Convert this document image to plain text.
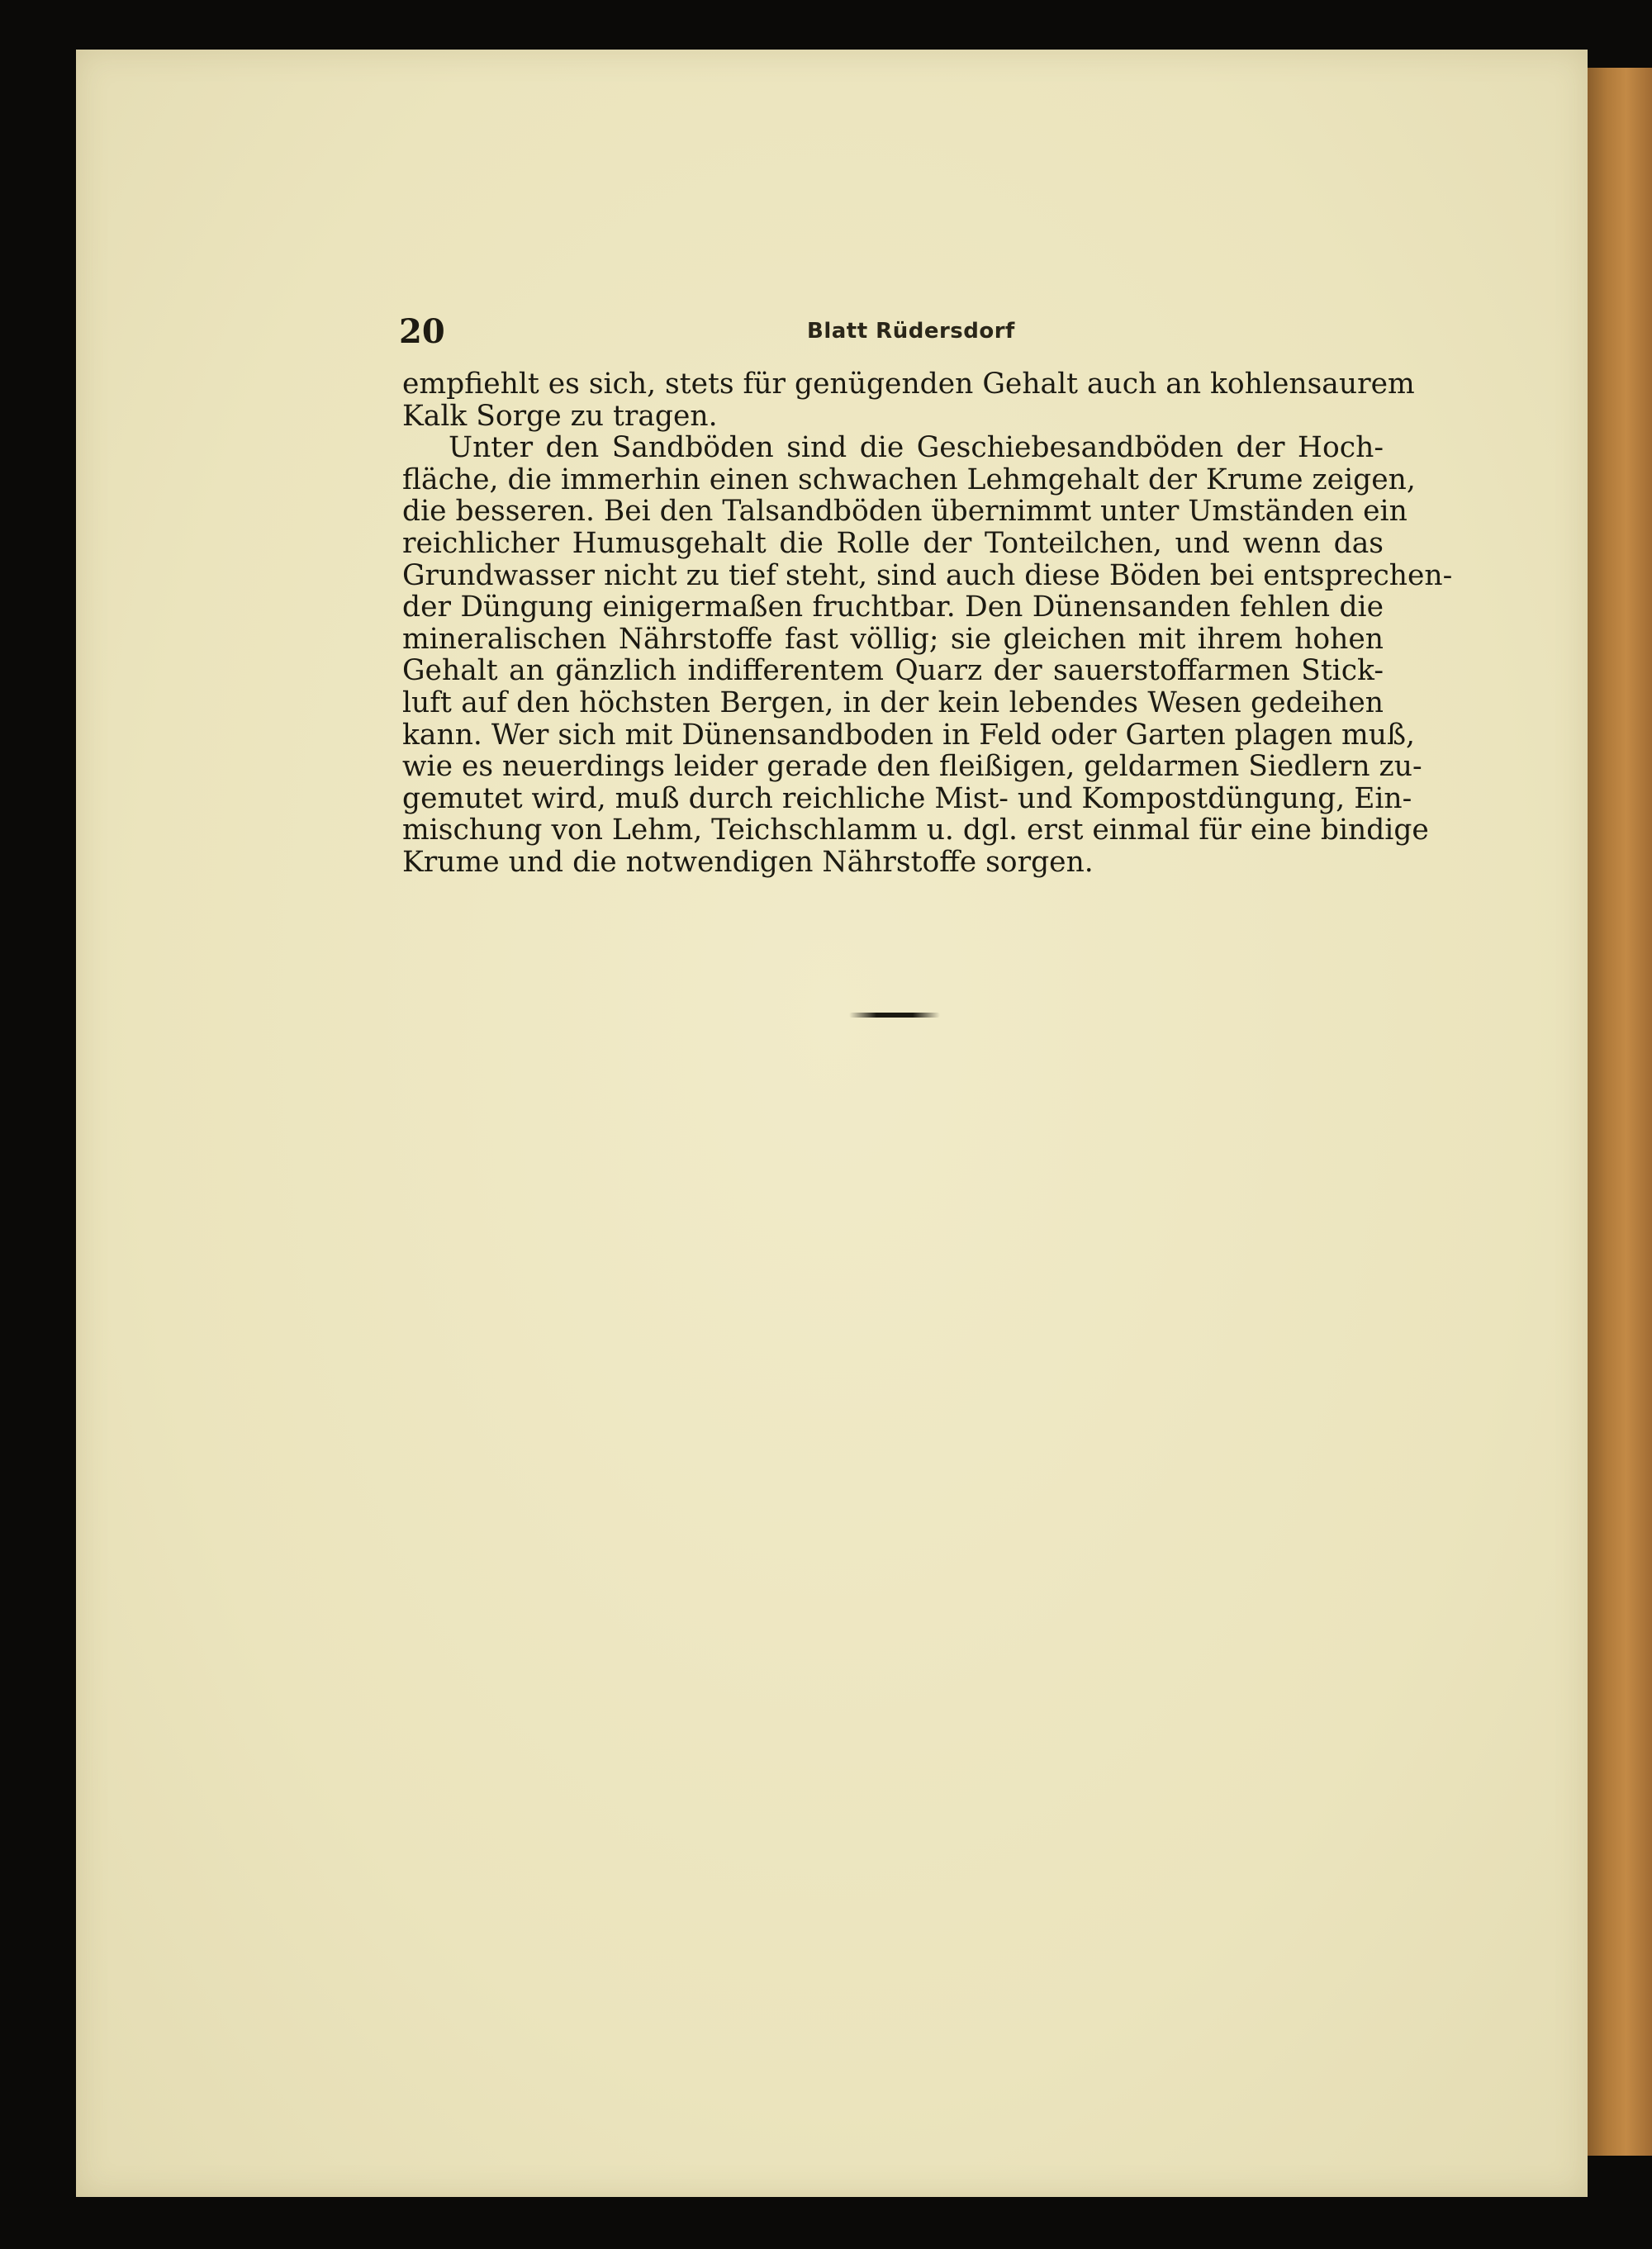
20	Blatt Rüdersdorf
empfiehlt es sich, stets für genügenden Gehalt auch an kohlensaurem
Kalk Sorge zu tragen.
Unter den Sandböden sind die Geschiebesandböden der Hoch-
fläche, die immerhin einen schwachen Lehmgehalt der Krume zeigen,
die besseren. Bei den Talsandböden übernimmt unter Umständen ein
reichlicher Humusgehalt die Rolle der Tonteilchen, und wenn das
Grundwasser nicht zu tief steht, sind auch diese Böden bei entsprechen-
der Düngung einigermaßen fruchtbar. Den Dünensanden fehlen die
mineralischen Nährstoffe fast völlig; sie gleichen mit ihrem hohen
Gehalt an gänzlich indifferentem Quarz der sauerstoffarmen Stick-
luft auf den höchsten Bergen, in der kein lebendes Wesen gedeihen
kann. Wer sich mit Dünensandboden in Feld oder Garten plagen muß,
wie es neuerdings leider gerade den fleißigen, geldarmen Siedlern zu-
gemutet wird, muß durch reichliche Mist- und Kompostdüngung, Ein-
mischung von Lehm, Teichschlamm u. dgl. erst einmal für eine bindige
Krume und die notwendigen Nährstoffe sorgen.
